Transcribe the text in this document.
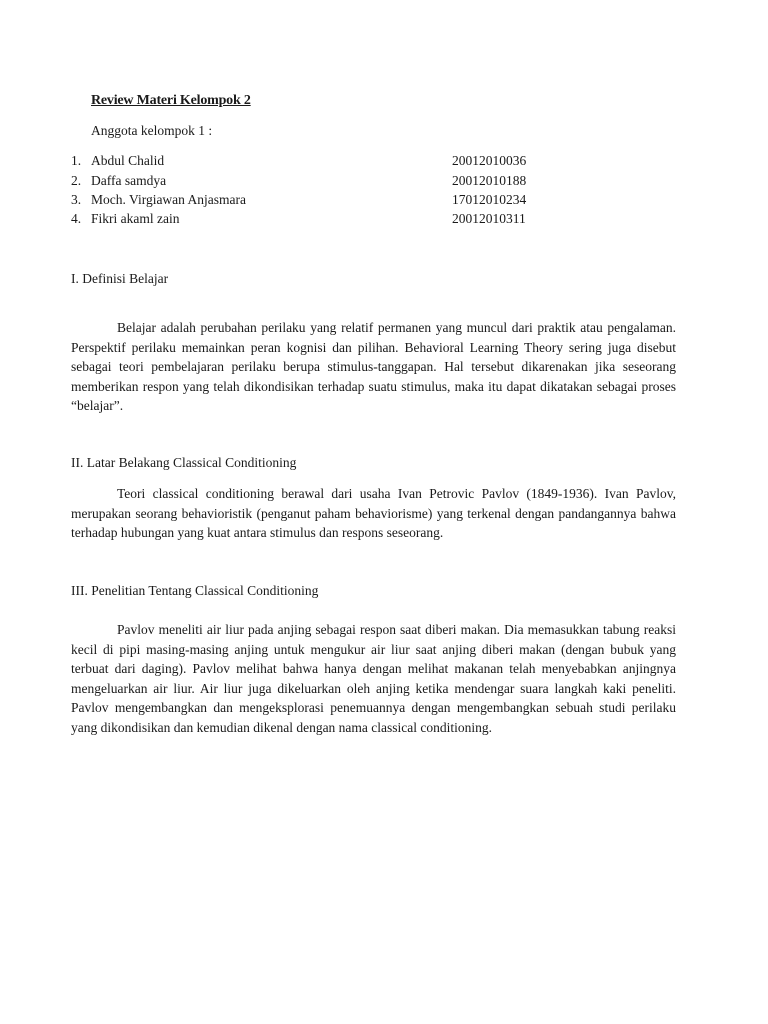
Review Materi Kelompok 2
Anggota kelompok 1 :
1. Abdul Chalid	20012010036
2. Daffa samdya	20012010188
3. Moch. Virgiawan Anjasmara	17012010234
4. Fikri akaml zain	20012010311
I. Definisi Belajar

Belajar adalah perubahan perilaku yang relatif permanen yang muncul dari praktik atau pengalaman. Perspektif perilaku memainkan peran kognisi dan pilihan. Behavioral Learning Theory sering juga disebut sebagai teori pembelajaran perilaku berupa stimulus-tanggapan. Hal tersebut dikarenakan jika seseorang memberikan respon yang telah dikondisikan terhadap suatu stimulus, maka itu dapat dikatakan sebagai proses “belajar”.

II. Latar Belakang Classical Conditioning

Teori classical conditioning berawal dari usaha Ivan Petrovic Pavlov (1849-1936). Ivan Pavlov, merupakan seorang behavioristik (penganut paham behaviorisme) yang terkenal dengan pandangannya bahwa terhadap hubungan yang kuat antara stimulus dan respons seseorang.

III. Penelitian Tentang Classical Conditioning

Pavlov meneliti air liur pada anjing sebagai respon saat diberi makan. Dia memasukkan tabung reaksi kecil di pipi masing-masing anjing untuk mengukur air liur saat anjing diberi makan (dengan bubuk yang terbuat dari daging). Pavlov melihat bahwa hanya dengan melihat makanan telah menyebabkan anjingnya mengeluarkan air liur. Air liur juga dikeluarkan oleh anjing ketika mendengar suara langkah kaki peneliti. Pavlov mengembangkan dan mengeksplorasi penemuannya dengan mengembangkan sebuah studi perilaku yang dikondisikan dan kemudian dikenal dengan nama classical conditioning.
